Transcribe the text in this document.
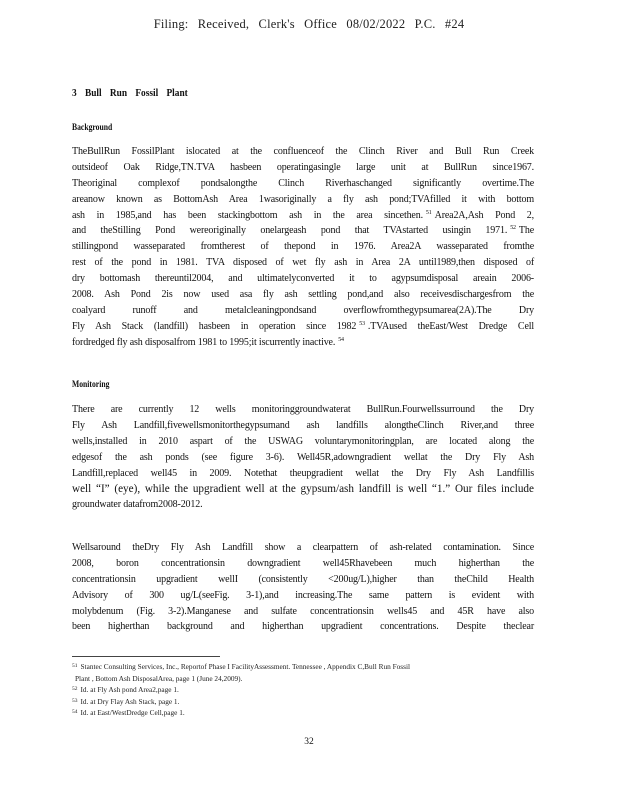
Filing: Received, Clerk's Office 08/02/2022 P.C. #24
3 Bull Run Fossil Plant
Background
TheBullRun FossilPlant islocated at the confluenceof the Clinch River and Bull Run Creek
outsideof Oak Ridge,TN.TVA hasbeen operatingasingle large unit at BullRun since1967.
Theoriginal complexof pondsalongthe Clinch Riverhaschanged significantly overtime.The
areanow known as BottomAsh Area 1wasoriginally a fly ash pond;TVAfilled it with bottom
ash in 1985,and has been stackingbottom ash in the area sincethen. $^{51}$ Area2A,Ash Pond 2,
and theStilling Pond wereoriginally onelargeash pond that TVAstarted usingin 1971. $^{52}$ The
stillingpond wasseparated fromtherest of thepond in 1976. Area2A wasseparated fromthe
rest of the pond in 1981. TVA disposed of wet fly ash in Area 2A until1989,then disposed of
dry bottomash thereuntil2004, and ultimatelyconverted it to agypsumdisposal areain 2006-
2008. Ash Pond 2is now used asa fly ash settling pond,and also receivesdischargesfrom the
coalyard runoff and metalcleaningpondsand overflowfromthegypsumarea(2A).The Dry
Fly Ash Stack (landfill) hasbeen in operation since 1982 $^{53}$ .TVAused theEast/West Dredge Cell
fordredged fly ash disposalfrom 1981 to 1995;it iscurrently inactive. $^{54}$
Monitoring
There are currently 12 wells monitoringgroundwaterat BullRun.Fourwellssurround the Dry
Fly Ash Landfill,fivewellsmonitorthegypsumand ash landfills alongtheClinch River,and three
wells,installed in 2010 aspart of the USWAG voluntarymonitoringplan, are located along the
edgesof the ash ponds (see figure 3-6). Well45R,adowngradient wellat the Dry Fly Ash
Landfill,replaced well45 in 2009. Notethat theupgradient wellat the Dry Fly Ash Landfillis
well “I” (eye), while the upgradient well at the gypsum/ash landfill is well “1.” Our files include
groundwater datafrom2008-2012.
Wellsaround theDry Fly Ash Landfill show a clearpattern of ash-related contamination. Since
2008, boron concentrationsin downgradient well45Rhavebeen much higherthan the
concentrationsin upgradient wellI (consistently <200ug/L),higher than theChild Health
Advisory of 300 ug/L(seeFig. 3-1),and increasing.The same pattern is evident with
molybdenum (Fig. 3-2).Manganese and sulfate concentrationsin wells45 and 45R have also
been higherthan background and higherthan upgradient concentrations. Despite theclear
$^{51}$ Stantec Consulting Services, Inc., Reportof Phase I FacilityAssessment. Tennessee , Appendix C,Bull Run Fossil
Plant , Bottom Ash DisposalArea, page 1 (June 24,2009).
$^{52}$ Id. at Fly Ash pond Area2,page 1.
$^{53}$ Id. at Dry Flay Ash Stack, page 1.
$^{54}$ Id. at East/WestDredge Cell,page 1.
32
